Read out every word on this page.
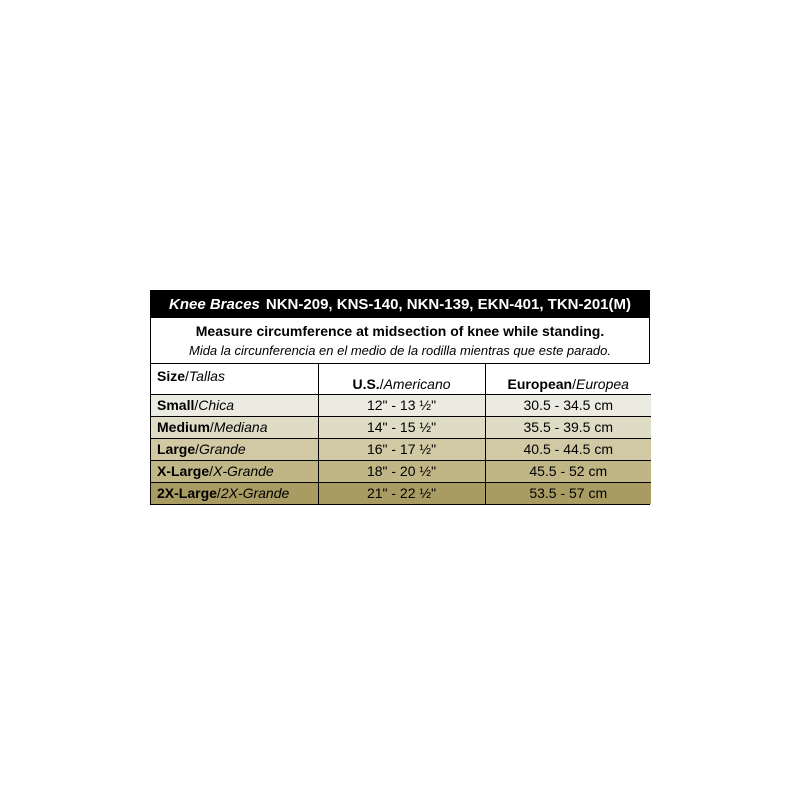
Knee Braces NKN-209, KNS-140, NKN-139, EKN-401, TKN-201(M)
Measure circumference at midsection of knee while standing.
Mida la circunferencia en el medio de la rodilla mientras que este parado.
Size/Tallas	U.S./Americano	European/Europea
Small/Chica	12" - 13 ½"	30.5 - 34.5 cm
Medium/Mediana	14" - 15 ½"	35.5 - 39.5 cm
Large/Grande	16" - 17 ½"	40.5 - 44.5 cm
X-Large/X-Grande	18" - 20 ½"	45.5 - 52 cm
2X-Large/2X-Grande	21" - 22 ½"	53.5 - 57 cm
